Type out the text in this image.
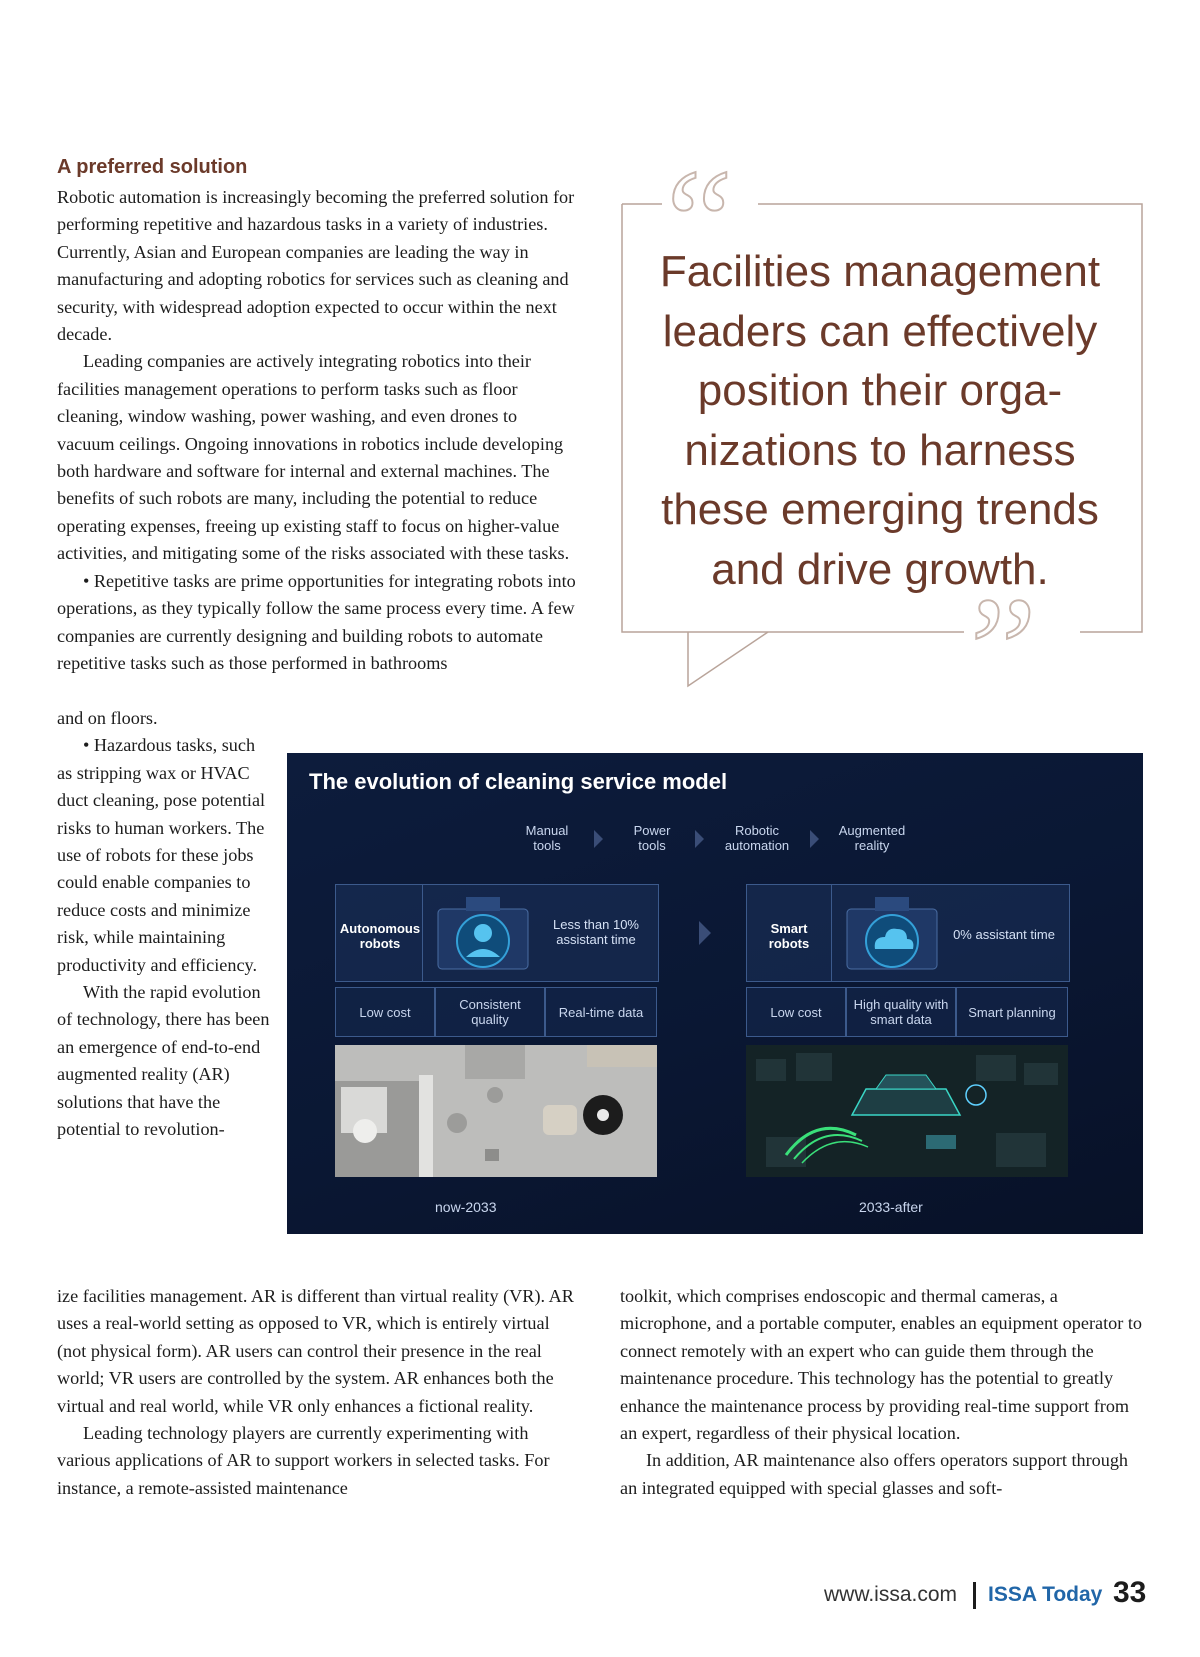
A preferred solution

Robotic automation is increasingly becoming the preferred solution for performing repetitive and hazardous tasks in a variety of industries. Currently, Asian and European companies are leading the way in manufacturing and adopting robotics for services such as cleaning and security, with widespread adoption expected to occur within the next decade.

Leading companies are actively integrating robotics into their facilities management operations to perform tasks such as floor cleaning, window washing, power washing, and even drones to vacuum ceilings. Ongoing innovations in robotics include developing both hardware and software for internal and external machines. The benefits of such robots are many, including the potential to reduce operating expenses, freeing up existing staff to focus on higher-value activities, and mitigating some of the risks associated with these tasks.

• Repetitive tasks are prime opportunities for integrating robots into operations, as they typically follow the same process every time. A few companies are currently designing and building robots to automate repetitive tasks such as those performed in bathrooms

and on floors.

• Hazardous tasks, such as stripping wax or HVAC duct cleaning, pose potential risks to human workers. The use of robots for these jobs could enable companies to reduce costs and minimize risk, while maintaining productivity and efficiency.

With the rapid evolution of technology, there has been an emergence of end-to-end augmented reality (AR) solutions that have the potential to revolution-

ize facilities management. AR is different than virtual reality (VR). AR uses a real-world setting as opposed to VR, which is entirely virtual (not physical form). AR users can control their presence in the real world; VR users are controlled by the system. AR enhances both the virtual and real world, while VR only enhances a fictional reality.

Leading technology players are currently experimenting with various applications of AR to support workers in selected tasks. For instance, a remote-assisted maintenance

toolkit, which comprises endoscopic and thermal cameras, a microphone, and a portable computer, enables an equipment operator to connect remotely with an expert who can guide them through the maintenance procedure. This technology has the potential to greatly enhance the maintenance process by providing real-time support from an expert, regardless of their physical location.

In addition, AR maintenance also offers operators support through an integrated equipped with special glasses and soft-

“
”
Facilities management
leaders can effectively
position their orga-
nizations to harness
these emerging trends
and drive growth.
The evolution of cleaning service model
Manual
tools
Power
tools
Robotic
automation
Augmented
reality
Autonomous
robots
Less than 10%
assistant time
Low cost	Consistent
quality	Real-time data
Smart
robots
0% assistant time
Low cost High quality with
smart data	Smart planning
now-2033	2033-after
www.issa.com ISSA Today 33
